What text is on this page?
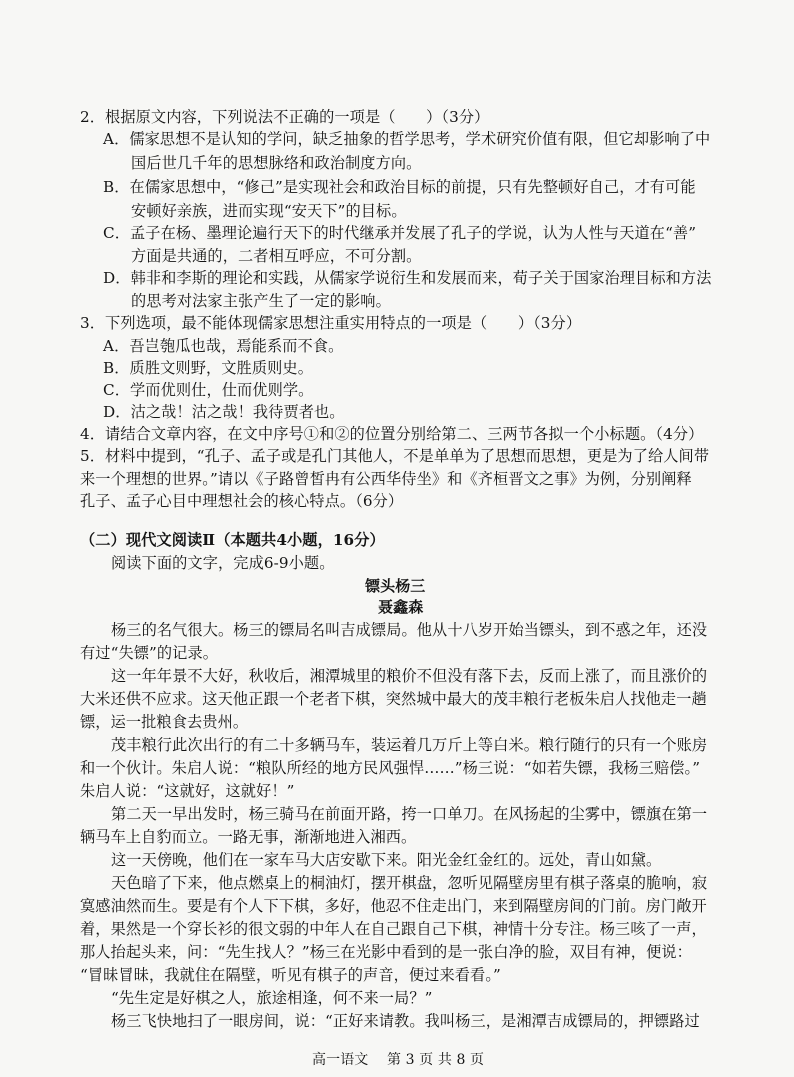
2．根据原文内容，下列说法不正确的一项是（　　）（3分）
A．儒家思想不是认知的学问，缺乏抽象的哲学思考，学术研究价值有限，但它却影响了中
国后世几千年的思想脉络和政治制度方向。
B．在儒家思想中，“修己”是实现社会和政治目标的前提，只有先整顿好自己，才有可能
安顿好亲族，进而实现“安天下”的目标。
C．孟子在杨、墨理论遍行天下的时代继承并发展了孔子的学说，认为人性与天道在“善”
方面是共通的，二者相互呼应，不可分割。
D．韩非和李斯的理论和实践，从儒家学说衍生和发展而来，荀子关于国家治理目标和方法
的思考对法家主张产生了一定的影响。
3．下列选项，最不能体现儒家思想注重实用特点的一项是（　　）（3分）
A．吾岂匏瓜也哉，焉能系而不食。
B．质胜文则野，文胜质则史。
C．学而优则仕，仕而优则学。
D．沽之哉！沽之哉！我待贾者也。
4．请结合文章内容，在文中序号①和②的位置分别给第二、三两节各拟一个小标题。（4分）
5．材料中提到，“孔子、孟子或是孔门其他人，不是单单为了思想而思想，更是为了给人间带
来一个理想的世界。”请以《子路曾皙冉有公西华侍坐》和《齐桓晋文之事》为例，分别阐释
孔子、孟子心目中理想社会的核心特点。（6分）
（二）现代文阅读Ⅱ（本题共4小题，16分）
阅读下面的文字，完成6-9小题。
镖头杨三
聂鑫森
杨三的名气很大。杨三的镖局名叫吉成镖局。他从十八岁开始当镖头，到不惑之年，还没
有过“失镖”的记录。
这一年年景不大好，秋收后，湘潭城里的粮价不但没有落下去，反而上涨了，而且涨价的
大米还供不应求。这天他正跟一个老者下棋，突然城中最大的茂丰粮行老板朱启人找他走一趟
镖，运一批粮食去贵州。
茂丰粮行此次出行的有二十多辆马车，装运着几万斤上等白米。粮行随行的只有一个账房
和一个伙计。朱启人说：“粮队所经的地方民风强悍……”杨三说：“如若失镖，我杨三赔偿。”
朱启人说：“这就好，这就好！”
第二天一早出发时，杨三骑马在前面开路，挎一口单刀。在风扬起的尘雾中，镖旗在第一
辆马车上自豹而立。一路无事，渐渐地进入湘西。
这一天傍晚，他们在一家车马大店安歇下来。阳光金红金红的。远处，青山如黛。
天色暗了下来，他点燃桌上的桐油灯，摆开棋盘，忽听见隔壁房里有棋子落桌的脆响，寂
寞感油然而生。要是有个人下下棋，多好，他忍不住走出门，来到隔壁房间的门前。房门敞开
着，果然是一个穿长衫的很文弱的中年人在自己跟自己下棋，神情十分专注。杨三咳了一声，
那人抬起头来，问：“先生找人？”杨三在光影中看到的是一张白净的脸，双目有神，便说：
“冒昧冒昧，我就住在隔壁，听见有棋子的声音，便过来看看。”
“先生定是好棋之人，旅途相逢，何不来一局？”
杨三飞快地扫了一眼房间，说：“正好来请教。我叫杨三，是湘潭吉成镖局的，押镖路过
高一语文 第 3 页 共 8 页
